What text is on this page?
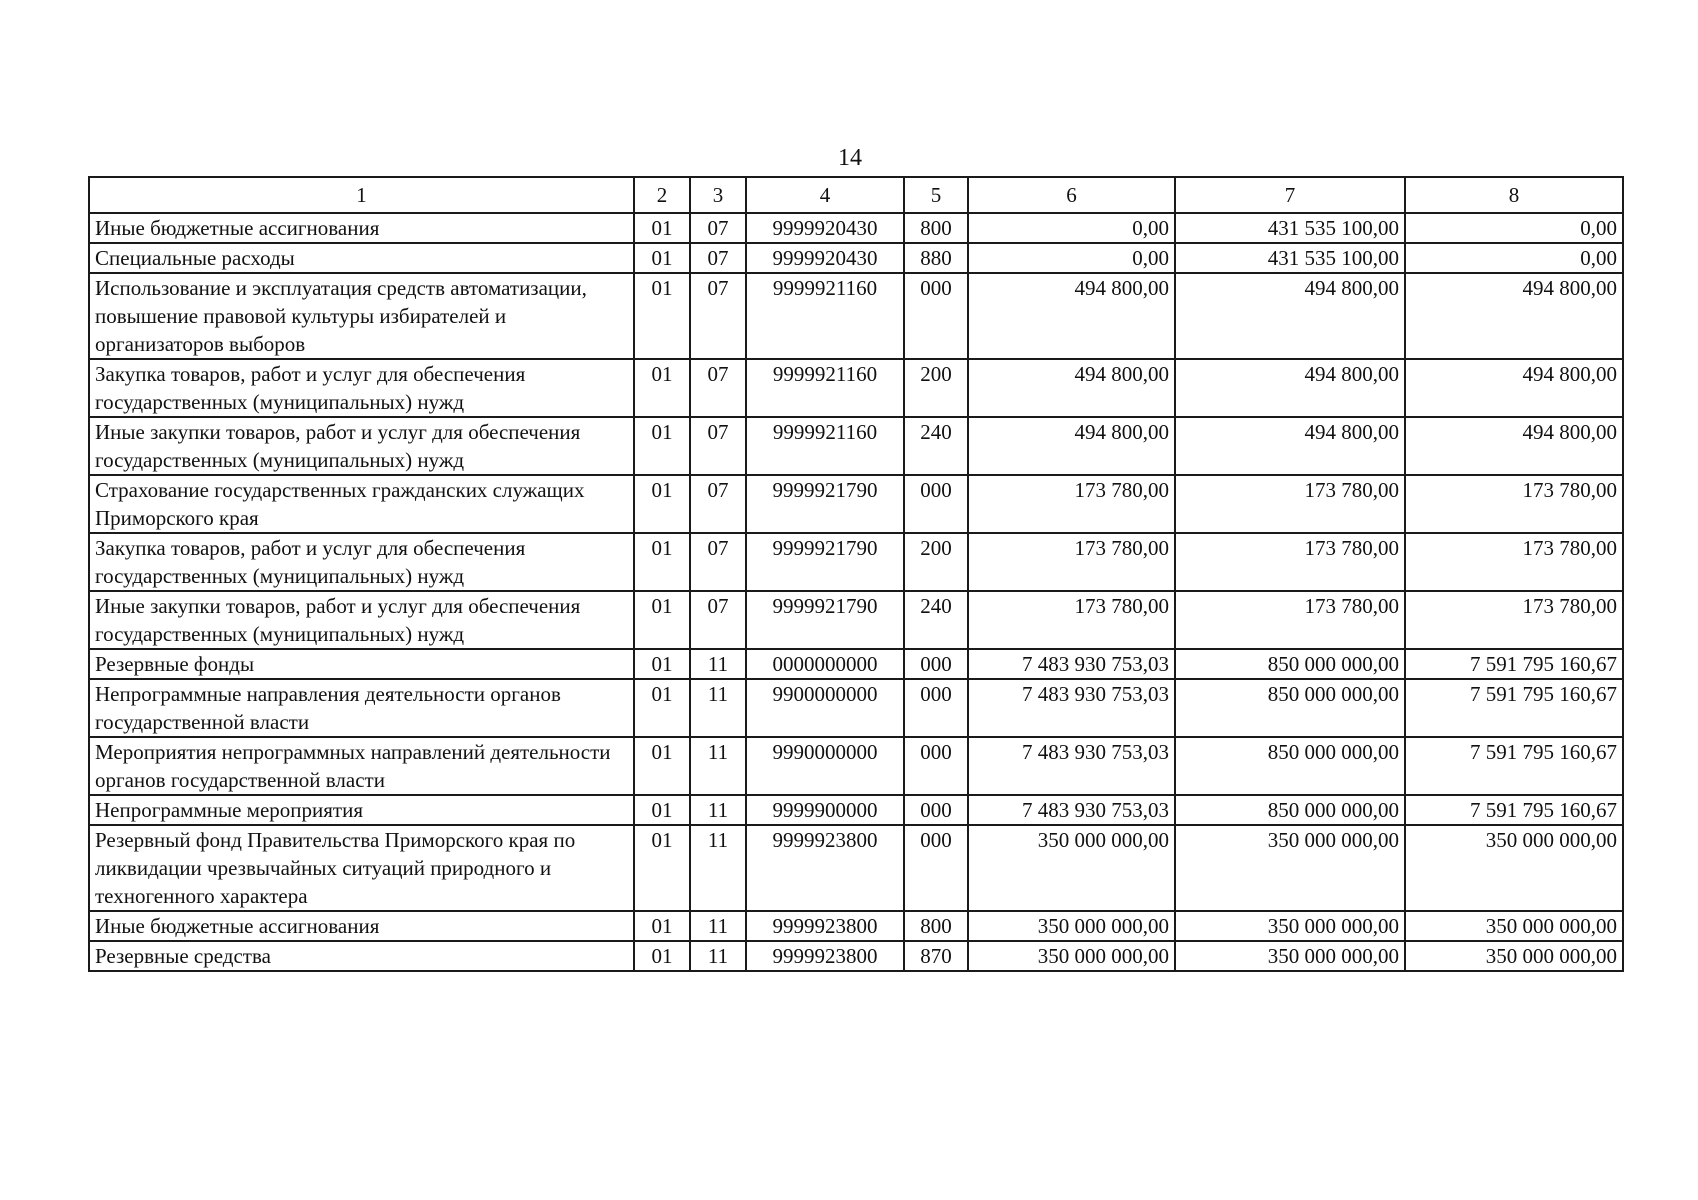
14
1	2	3	4	5	6	7	8
Иные бюджетные ассигнования	01	07	9999920430	800	0,00	431 535 100,00	0,00
Специальные расходы	01	07	9999920430	880	0,00	431 535 100,00	0,00
Использование и эксплуатация средств автоматизации, повышение правовой культуры избирателей и организаторов выборов	01	07	9999921160	000	494 800,00	494 800,00	494 800,00
Закупка товаров, работ и услуг для обеспечения государственных (муниципальных) нужд	01	07	9999921160	200	494 800,00	494 800,00	494 800,00
Иные закупки товаров, работ и услуг для обеспечения государственных (муниципальных) нужд	01	07	9999921160	240	494 800,00	494 800,00	494 800,00
Страхование государственных гражданских служащих Приморского края	01	07	9999921790	000	173 780,00	173 780,00	173 780,00
Закупка товаров, работ и услуг для обеспечения государственных (муниципальных) нужд	01	07	9999921790	200	173 780,00	173 780,00	173 780,00
Иные закупки товаров, работ и услуг для обеспечения государственных (муниципальных) нужд	01	07	9999921790	240	173 780,00	173 780,00	173 780,00
Резервные фонды	01	11	0000000000	000	7 483 930 753,03	850 000 000,00	7 591 795 160,67
Непрограммные направления деятельности органов государственной власти	01	11	9900000000	000	7 483 930 753,03	850 000 000,00	7 591 795 160,67
Мероприятия непрограммных направлений деятельности органов государственной власти	01	11	9990000000	000	7 483 930 753,03	850 000 000,00	7 591 795 160,67
Непрограммные мероприятия	01	11	9999900000	000	7 483 930 753,03	850 000 000,00	7 591 795 160,67
Резервный фонд Правительства Приморского края по ликвидации чрезвычайных ситуаций природного и техногенного характера	01	11	9999923800	000	350 000 000,00	350 000 000,00	350 000 000,00
Иные бюджетные ассигнования	01	11	9999923800	800	350 000 000,00	350 000 000,00	350 000 000,00
Резервные средства	01	11	9999923800	870	350 000 000,00	350 000 000,00	350 000 000,00
